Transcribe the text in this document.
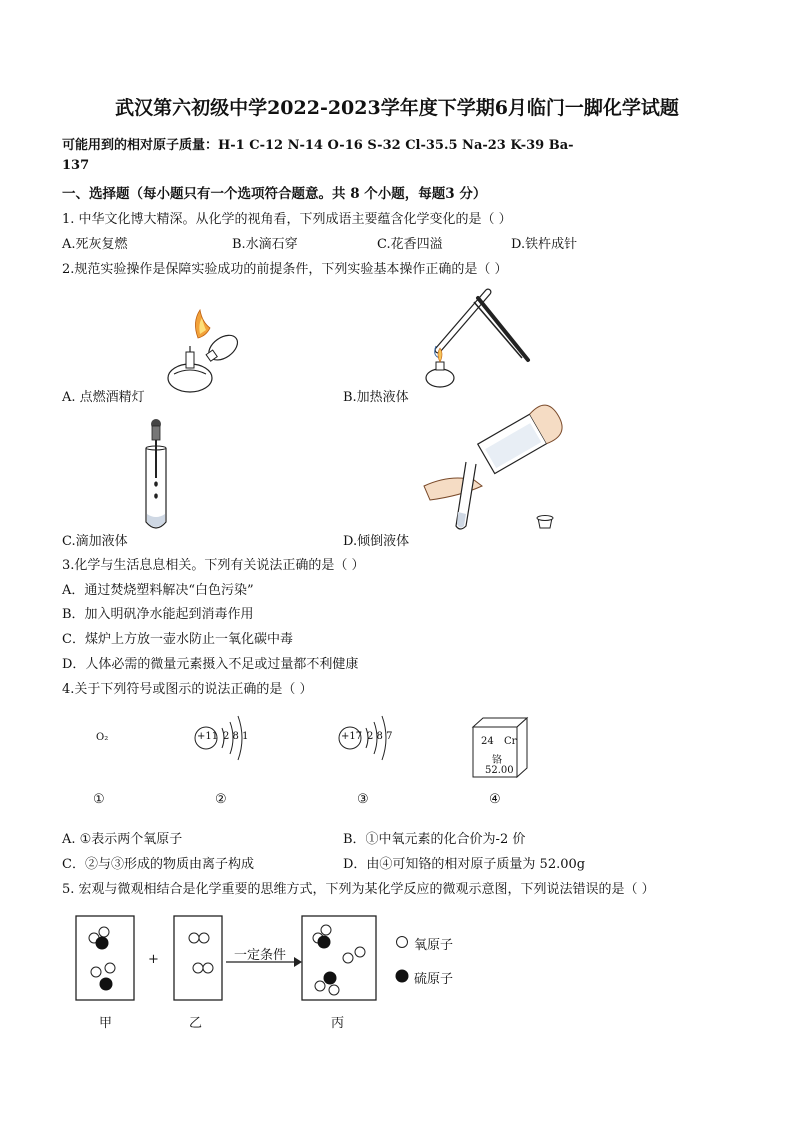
武汉第六初级中学2022-2023学年度下学期6月临门一脚化学试题
可能用到的相对原子质量：H-1 C-12 N-14 O-16 S-32 Cl-35.5 Na-23 K-39 Ba-
137
一、选择题（每小题只有一个选项符合题意。共 8 个小题，每题3 分）
1. 中华文化博大精深。从化学的视角看，下列成语主要蕴含化学变化的是（ ）
A.死灰复燃	B.水滴石穿	C.花香四溢	D.铁杵成针
2.规范实验操作是保障实验成功的前提条件，下列实验基本操作正确的是（ ）
A. 点燃酒精灯	B.加热液体
C.滴加液体	D.倾倒液体
3.化学与生活息息相关。下列有关说法正确的是（ ）
A．通过焚烧塑料解决“白色污染”
B．加入明矾净水能起到消毒作用
C．煤炉上方放一壶水防止一氧化碳中毒
D．人体必需的微量元素摄入不足或过量都不利健康
4.关于下列符号或图示的说法正确的是（ ）
O₂	+11 2 8 1	+17 2 8 7	24 Cr
铬
52.00
①	②	③	④
A. ①表示两个氧原子	B．①中氧元素的化合价为-2 价
C．②与③形成的物质由离子构成	D．由④可知铬的相对原子质量为 52.00g
5. 宏观与微观相结合是化学重要的思维方式，下列为某化学反应的微观示意图，下列说法错误的是（ ）
+	一定条件
氧原子
硫原子
甲	乙	丙
